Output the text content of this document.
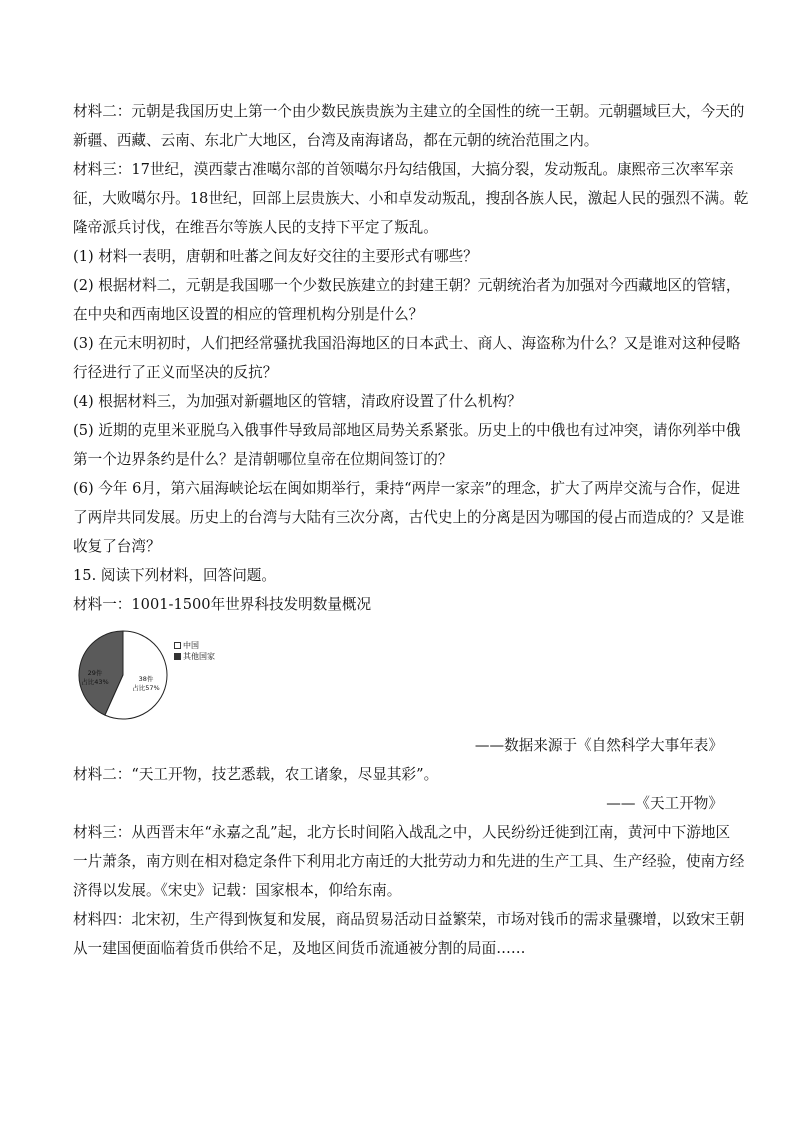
材料二：元朝是我国历史上第一个由少数民族贵族为主建立的全国性的统一王朝。元朝疆域巨大，今天的
新疆、西藏、云南、东北广大地区，台湾及南海诸岛，都在元朝的统治范围之内。
材料三：17世纪，漠西蒙古准噶尔部的首领噶尔丹勾结俄国，大搞分裂，发动叛乱。康熙帝三次率军亲
征，大败噶尔丹。18世纪，回部上层贵族大、小和卓发动叛乱，搜刮各族人民，激起人民的强烈不满。乾
隆帝派兵讨伐，在维吾尔等族人民的支持下平定了叛乱。
(1) 材料一表明，唐朝和吐蕃之间友好交往的主要形式有哪些？
(2) 根据材料二，元朝是我国哪一个少数民族建立的封建王朝？元朝统治者为加强对今西藏地区的管辖，
在中央和西南地区设置的相应的管理机构分别是什么？
(3) 在元末明初时，人们把经常骚扰我国沿海地区的日本武士、商人、海盗称为什么？又是谁对这种侵略
行径进行了正义而坚决的反抗？
(4) 根据材料三，为加强对新疆地区的管辖，清政府设置了什么机构？
(5) 近期的克里米亚脱乌入俄事件导致局部地区局势关系紧张。历史上的中俄也有过冲突，请你列举中俄
第一个边界条约是什么？是清朝哪位皇帝在位期间签订的？
(6) 今年 6月，第六届海峡论坛在闽如期举行，秉持“两岸一家亲”的理念，扩大了两岸交流与合作，促进
了两岸共同发展。历史上的台湾与大陆有三次分离，古代史上的分离是因为哪国的侵占而造成的？又是谁
收复了台湾？
15. 阅读下列材料，回答问题。
材料一：1001-1500年世界科技发明数量概况
29件
占比43%	38件
占比57%
中国
其他国家
——数据来源于《自然科学大事年表》
材料二：“天工开物，技艺悉载，农工诸象，尽显其彩”。
——《天工开物》
材料三：从西晋末年“永嘉之乱”起，北方长时间陷入战乱之中，人民纷纷迁徙到江南，黄河中下游地区
一片萧条，南方则在相对稳定条件下利用北方南迁的大批劳动力和先进的生产工具、生产经验，使南方经
济得以发展。《宋史》记载：国家根本，仰给东南。
材料四：北宋初，生产得到恢复和发展，商品贸易活动日益繁荣，市场对钱币的需求量骤增，以致宋王朝
从一建国便面临着货币供给不足，及地区间货币流通被分割的局面……
